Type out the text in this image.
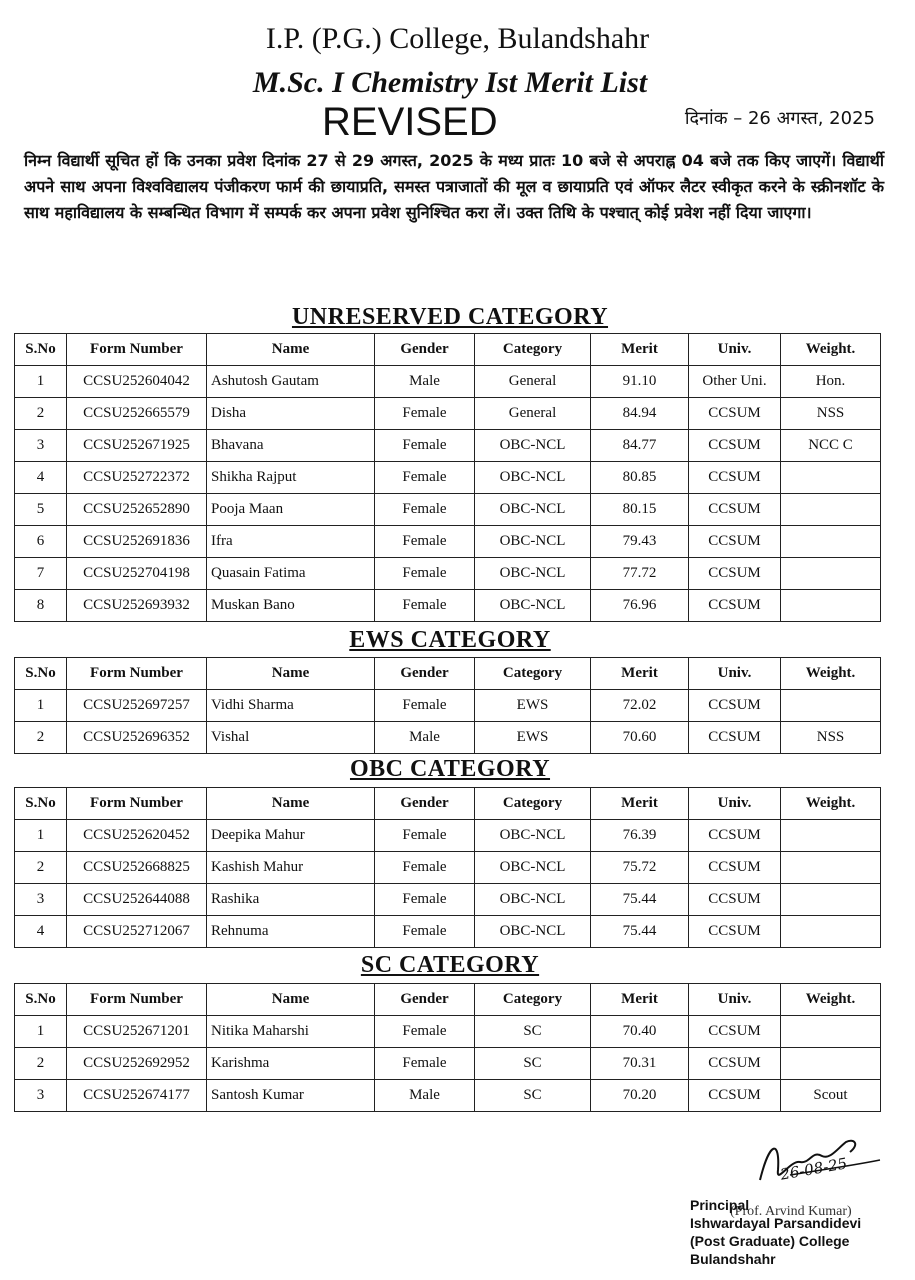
I.P. (P.G.) College, Bulandshahr
M.Sc. I Chemistry Ist Merit List
REVISED	दिनांक – 26 अगस्त, 2025
निम्न विद्यार्थी सूचित हों कि उनका प्रवेश दिनांक 27 से 29 अगस्त, 2025 के मध्य प्रातः 10 बजे से अपराह्न 04 बजे तक किए जाएगें। विद्यार्थी अपने साथ अपना विश्वविद्यालय पंजीकरण फार्म की छायाप्रति, समस्त पत्राजातों की मूल व छायाप्रति एवं ऑफर लैटर स्वीकृत करने के स्क्रीनशॉट के साथ महाविद्यालय के सम्बन्धित विभाग में सम्पर्क कर अपना प्रवेश सुनिश्चित करा लें। उक्त तिथि के पश्चात् कोई प्रवेश नहीं दिया जाएगा।
UNRESERVED CATEGORY
S.No	Form Number	Name	Gender	Category	Merit	Univ.	Weight.
1	CCSU252604042	Ashutosh Gautam	Male	General	91.10	Other Uni.	Hon.
2	CCSU252665579	Disha	Female	General	84.94	CCSUM	NSS
3	CCSU252671925	Bhavana	Female	OBC-NCL	84.77	CCSUM	NCC C
4	CCSU252722372	Shikha Rajput	Female	OBC-NCL	80.85	CCSUM	
5	CCSU252652890	Pooja Maan	Female	OBC-NCL	80.15	CCSUM	
6	CCSU252691836	Ifra	Female	OBC-NCL	79.43	CCSUM	
7	CCSU252704198	Quasain Fatima	Female	OBC-NCL	77.72	CCSUM	
8	CCSU252693932	Muskan Bano	Female	OBC-NCL	76.96	CCSUM	
EWS CATEGORY
S.No	Form Number	Name	Gender	Category	Merit	Univ.	Weight.
1	CCSU252697257	Vidhi Sharma	Female	EWS	72.02	CCSUM	
2	CCSU252696352	Vishal	Male	EWS	70.60	CCSUM	NSS
OBC CATEGORY
S.No	Form Number	Name	Gender	Category	Merit	Univ.	Weight.
1	CCSU252620452	Deepika Mahur	Female	OBC-NCL	76.39	CCSUM	
2	CCSU252668825	Kashish Mahur	Female	OBC-NCL	75.72	CCSUM	
3	CCSU252644088	Rashika	Female	OBC-NCL	75.44	CCSUM	
4	CCSU252712067	Rehnuma	Female	OBC-NCL	75.44	CCSUM	
SC CATEGORY
S.No	Form Number	Name	Gender	Category	Merit	Univ.	Weight.
1	CCSU252671201	Nitika Maharshi	Female	SC	70.40	CCSUM	
2	CCSU252692952	Karishma	Female	SC	70.31	CCSUM	
3	CCSU252674177	Santosh Kumar	Male	SC	70.20	CCSUM	Scout
26-08-25
(Prof. Arvind Kumar)
Principal
Ishwardayal Parsandidevi
(Post Graduate) College
Bulandshahr
